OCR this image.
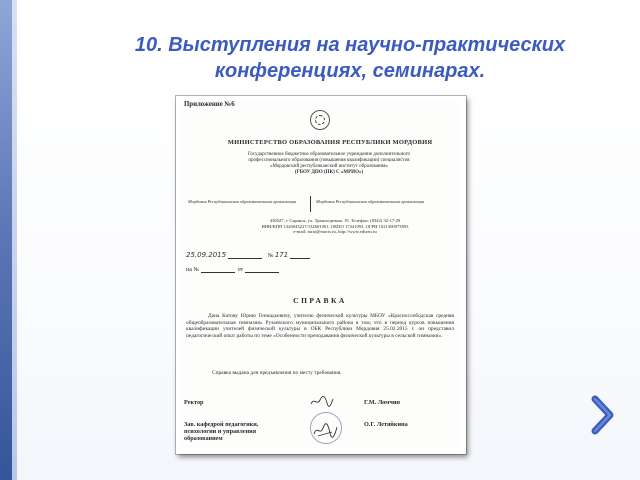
10. Выступления на научно-практических
конференциях, семинарах.
Приложение №6
МИНИСТЕРСТВО ОБРАЗОВАНИЯ РЕСПУБЛИКИ МОРДОВИЯ
Государственное бюджетное образовательное учреждение дополнительного
профессионального образования (повышения квалификации) специалистов
«Мордовский республиканский институт образования»
(ГБОУ ДПО (ПК) С «МРИО»)
Мордовия Республиканская образовательная организация	Мордовия Республиканская образовательная организация
430027, г. Саранск, ул. Транспортная, 19. Телефон: (8342) 32-17-29
ИНН/КПП 1326043227/132601001, ОКПО 17441093, ОГРН 1021300973993
e-mail: mrio@moris.ru, http://www.edurm.ru
25.09.2015	№ 171
на №	от
СПРАВКА
Дана Катову Юрию Геннадьевичу, учителю физической культуры МБОУ «Краснослободская средняя общеобразовательная гимназия» Рузаевского муниципального района в том, что в период курсов повышения квалификации учителей физической культуры в ОБК Республики Мордовия 25.02.2015 г. он представил педагогический опыт работы по теме «Особенности преподавания физической культуры в сельской гимназии».
Справка выдана для предъявления по месту требования.
Ректор	Г.М. Ломчин
Зав. кафедрой педагогики,
психологии и управления
образованием
О.Г. Летяйкина
